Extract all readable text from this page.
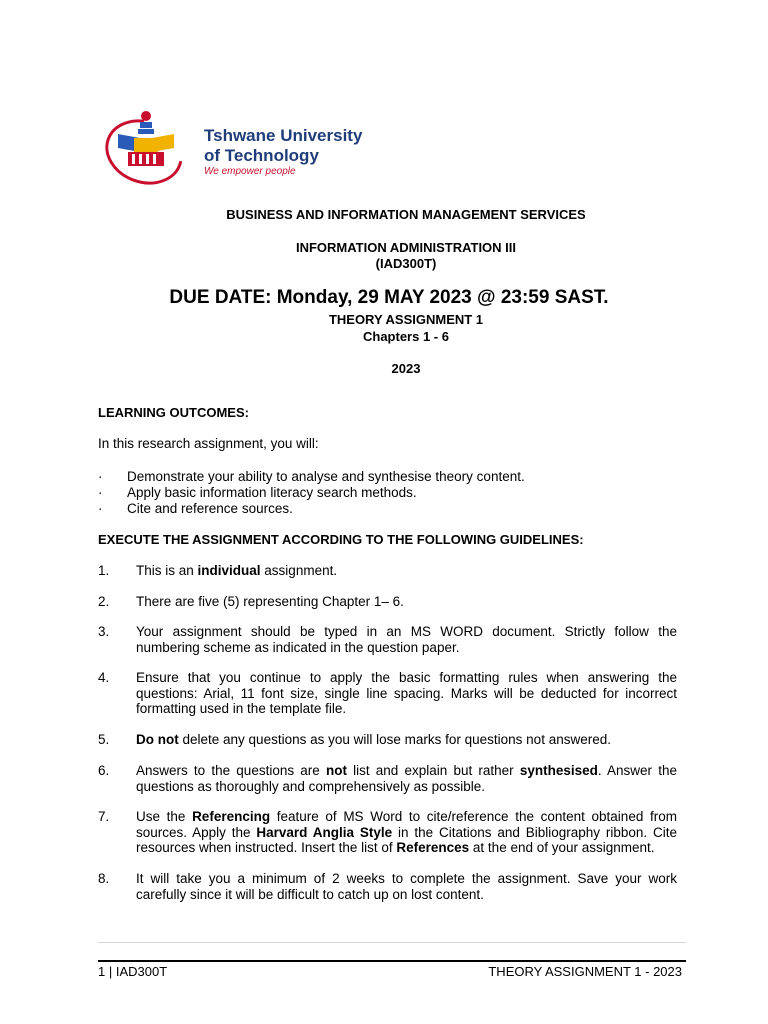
Tshwane University
of Technology
We empower people
BUSINESS AND INFORMATION MANAGEMENT SERVICES
INFORMATION ADMINISTRATION III
(IAD300T)
DUE DATE: Monday, 29 MAY 2023 @ 23:59 SAST.
THEORY ASSIGNMENT 1
Chapters 1 - 6
2023
LEARNING OUTCOMES:
In this research assignment, you will:
· Demonstrate your ability to analyse and synthesise theory content.
· Apply basic information literacy search methods.
· Cite and reference sources.
EXECUTE THE ASSIGNMENT ACCORDING TO THE FOLLOWING GUIDELINES:
1. This is an individual assignment.
2. There are five (5) representing Chapter 1– 6.
3. Your assignment should be typed in an MS WORD document. Strictly follow the numbering scheme as indicated in the question paper.
4. Ensure that you continue to apply the basic formatting rules when answering the questions: Arial, 11 font size, single line spacing. Marks will be deducted for incorrect formatting used in the template file.
5. Do not delete any questions as you will lose marks for questions not answered.
6. Answers to the questions are not list and explain but rather synthesised. Answer the questions as thoroughly and comprehensively as possible.
7. Use the Referencing feature of MS Word to cite/reference the content obtained from sources. Apply the Harvard Anglia Style in the Citations and Bibliography ribbon. Cite resources when instructed. Insert the list of References at the end of your assignment.
8. It will take you a minimum of 2 weeks to complete the assignment. Save your work carefully since it will be difficult to catch up on lost content.
1 | IAD300T	THEORY ASSIGNMENT 1 - 2023
